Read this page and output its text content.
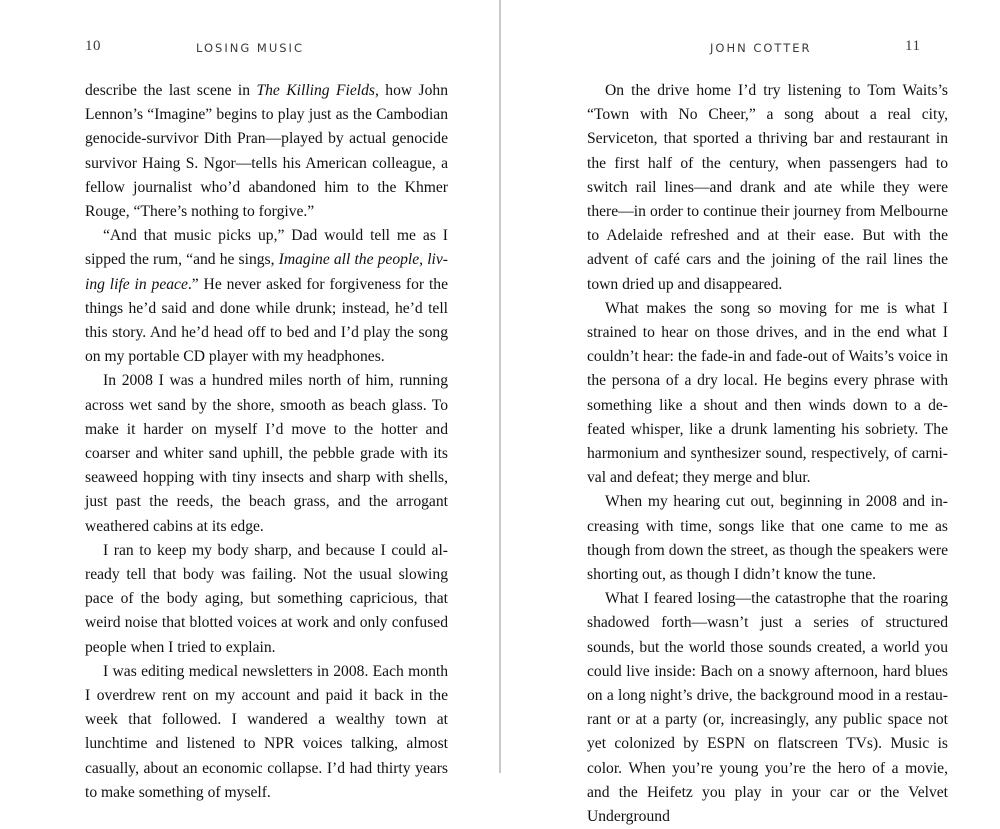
10	LOSING MUSIC

describe the last scene in The Killing Fields, how John Lennon’s “Imagine” begins to play just as the Cambodian genocide-survivor Dith Pran—played by actual genocide survivor Haing S. Ngor—tells his American colleague, a fellow journalist who’d abandoned him to the Khmer Rouge, “There’s nothing to forgive.”

“And that music picks up,” Dad would tell me as I sipped the rum, “and he sings, Imagine all the people, living life in peace.” He never asked for forgiveness for the things he’d said and done while drunk; instead, he’d tell this story. And he’d head off to bed and I’d play the song on my portable CD player with my headphones.

In 2008 I was a hundred miles north of him, running across wet sand by the shore, smooth as beach glass. To make it harder on myself I’d move to the hotter and coarser and whiter sand uphill, the pebble grade with its seaweed hopping with tiny insects and sharp with shells, just past the reeds, the beach grass, and the arrogant weathered cabins at its edge.

I ran to keep my body sharp, and because I could already tell that body was failing. Not the usual slowing pace of the body aging, but something capricious, that weird noise that blotted voices at work and only confused people when I tried to explain.

I was editing medical newsletters in 2008. Each month I overdrew rent on my account and paid it back in the week that followed. I wandered a wealthy town at lunchtime and listened to NPR voices talking, almost casually, about an economic collapse. I’d had thirty years to make something of myself.

JOHN COTTER	11

On the drive home I’d try listening to Tom Waits’s “Town with No Cheer,” a song about a real city, Serviceton, that sported a thriving bar and restaurant in the first half of the century, when passengers had to switch rail lines—and drank and ate while they were there—in order to continue their journey from Melbourne to Adelaide refreshed and at their ease. But with the advent of café cars and the joining of the rail lines the town dried up and disappeared.

What makes the song so moving for me is what I strained to hear on those drives, and in the end what I couldn’t hear: the fade-in and fade-out of Waits’s voice in the persona of a dry local. He begins every phrase with something like a shout and then winds down to a defeated whisper, like a drunk lamenting his sobriety. The harmonium and synthesizer sound, respectively, of carnival and defeat; they merge and blur.

When my hearing cut out, beginning in 2008 and increasing with time, songs like that one came to me as though from down the street, as though the speakers were shorting out, as though I didn’t know the tune.

What I feared losing—the catastrophe that the roaring shadowed forth—wasn’t just a series of structured sounds, but the world those sounds created, a world you could live inside: Bach on a snowy afternoon, hard blues on a long night’s drive, the background mood in a restaurant or at a party (or, increasingly, any public space not yet colonized by ESPN on flatscreen TVs). Music is color. When you’re young you’re the hero of a movie, and the Heifetz you play in your car or the Velvet Underground
